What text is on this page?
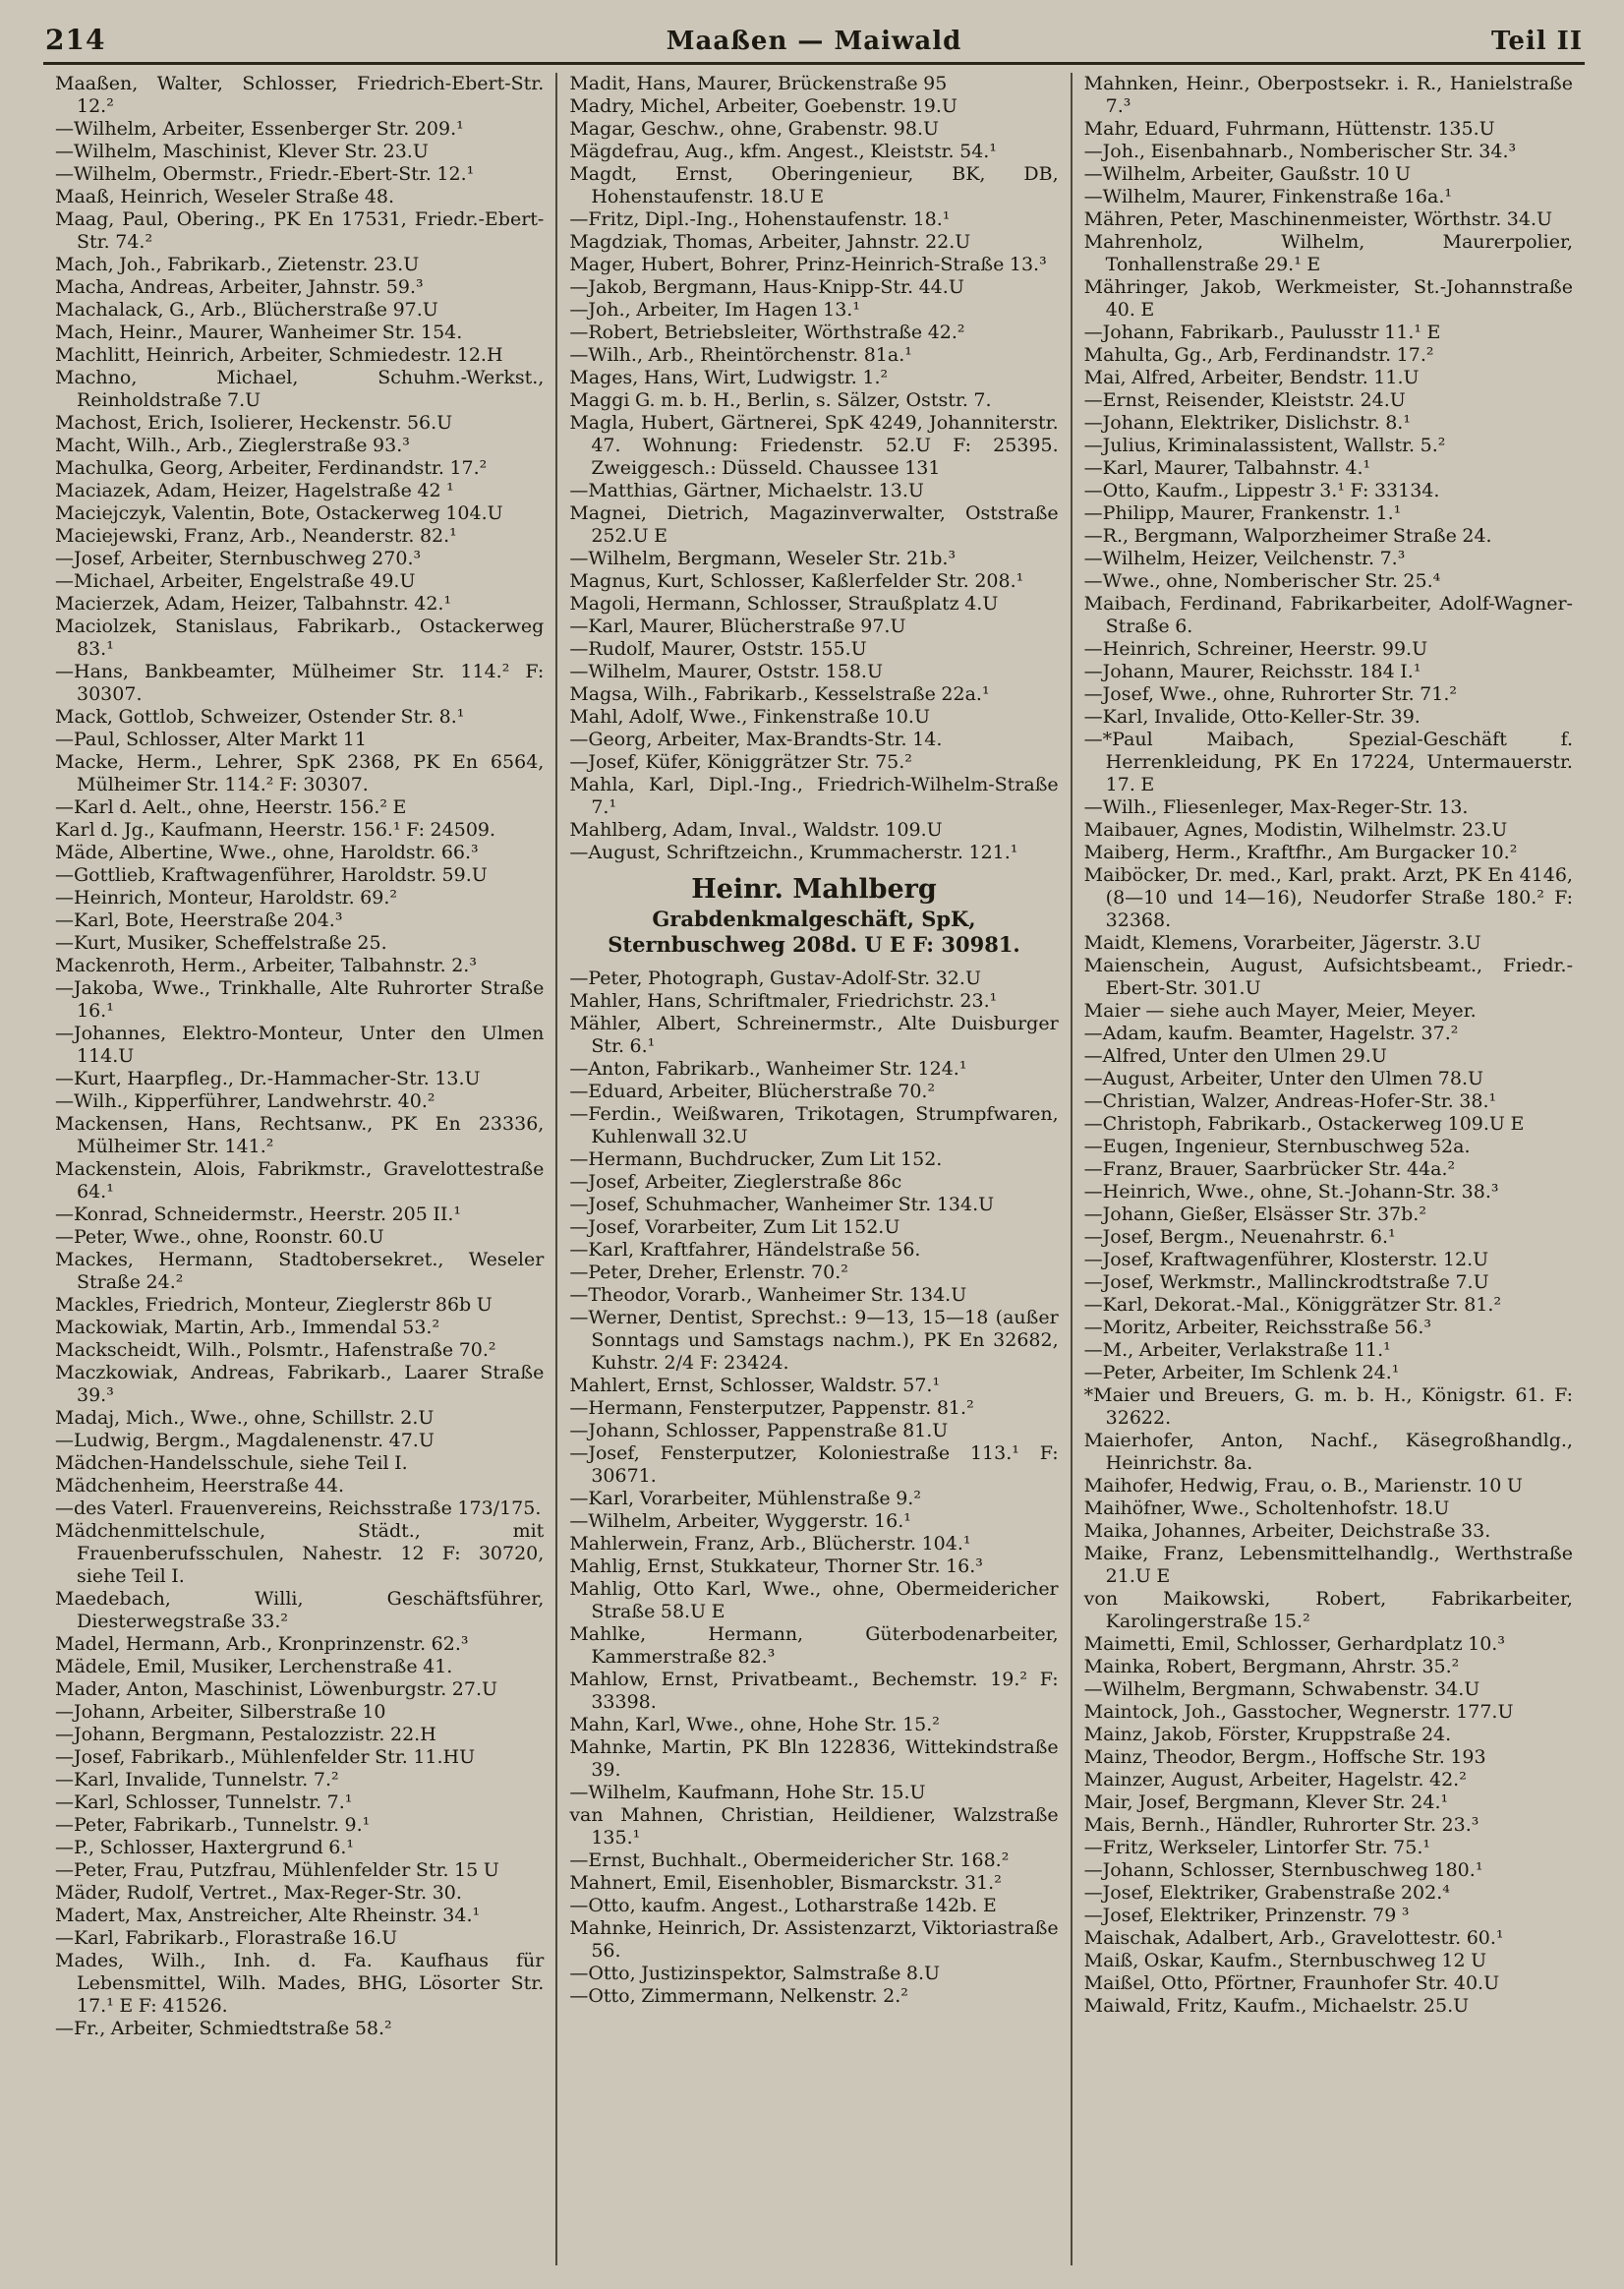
214	Maaßen — Maiwald	Teil II

Maaßen, Walter, Schlosser, Friedrich-Ebert-Str. 12.²

—Wilhelm, Arbeiter, Essenberger Str. 209.¹

—Wilhelm, Maschinist, Klever Str. 23.U

—Wilhelm, Obermstr., Friedr.-Ebert-Str. 12.¹

Maaß, Heinrich, Weseler Straße 48.

Maag, Paul, Obering., PK En 17531, Friedr.-Ebert-Str. 74.²

Mach, Joh., Fabrikarb., Zietenstr. 23.U

Macha, Andreas, Arbeiter, Jahnstr. 59.³

Machalack, G., Arb., Blücherstraße 97.U

Mach, Heinr., Maurer, Wanheimer Str. 154.

Machlitt, Heinrich, Arbeiter, Schmiedestr. 12.H

Machno, Michael, Schuhm.-Werkst., Reinholdstraße 7.U

Machost, Erich, Isolierer, Heckenstr. 56.U

Macht, Wilh., Arb., Zieglerstraße 93.³

Machulka, Georg, Arbeiter, Ferdinandstr. 17.²

Maciazek, Adam, Heizer, Hagelstraße 42 ¹

Maciejczyk, Valentin, Bote, Ostackerweg 104.U

Maciejewski, Franz, Arb., Neanderstr. 82.¹

—Josef, Arbeiter, Sternbuschweg 270.³

—Michael, Arbeiter, Engelstraße 49.U

Macierzek, Adam, Heizer, Talbahnstr. 42.¹

Maciolzek, Stanislaus, Fabrikarb., Ostackerweg 83.¹

—Hans, Bankbeamter, Mülheimer Str. 114.² F: 30307.

Mack, Gottlob, Schweizer, Ostender Str. 8.¹

—Paul, Schlosser, Alter Markt 11

Macke, Herm., Lehrer, SpK 2368, PK En 6564, Mülheimer Str. 114.² F: 30307.

—Karl d. Aelt., ohne, Heerstr. 156.² E

Karl d. Jg., Kaufmann, Heerstr. 156.¹ F: 24509.

Mäde, Albertine, Wwe., ohne, Haroldstr. 66.³

—Gottlieb, Kraftwagenführer, Haroldstr. 59.U

—Heinrich, Monteur, Haroldstr. 69.²

—Karl, Bote, Heerstraße 204.³

—Kurt, Musiker, Scheffelstraße 25.

Mackenroth, Herm., Arbeiter, Talbahnstr. 2.³

—Jakoba, Wwe., Trinkhalle, Alte Ruhrorter Straße 16.¹

—Johannes, Elektro-Monteur, Unter den Ulmen 114.U

—Kurt, Haarpfleg., Dr.-Hammacher-Str. 13.U

—Wilh., Kipperführer, Landwehrstr. 40.²

Mackensen, Hans, Rechtsanw., PK En 23336, Mülheimer Str. 141.²

Mackenstein, Alois, Fabrikmstr., Gravelottestraße 64.¹

—Konrad, Schneidermstr., Heerstr. 205 II.¹

—Peter, Wwe., ohne, Roonstr. 60.U

Mackes, Hermann, Stadtobersekret., Weseler Straße 24.²

Mackles, Friedrich, Monteur, Zieglerstr 86b U

Mackowiak, Martin, Arb., Immendal 53.²

Mackscheidt, Wilh., Polsmtr., Hafenstraße 70.²

Maczkowiak, Andreas, Fabrikarb., Laarer Straße 39.³

Madaj, Mich., Wwe., ohne, Schillstr. 2.U

—Ludwig, Bergm., Magdalenenstr. 47.U

Mädchen-Handelsschule, siehe Teil I.

Mädchenheim, Heerstraße 44.

—des Vaterl. Frauenvereins, Reichsstraße 173/175.

Mädchenmittelschule, Städt., mit Frauenberufsschulen, Nahestr. 12 F: 30720, siehe Teil I.

Maedebach, Willi, Geschäftsführer, Diesterwegstraße 33.²

Madel, Hermann, Arb., Kronprinzenstr. 62.³

Mädele, Emil, Musiker, Lerchenstraße 41.

Mader, Anton, Maschinist, Löwenburgstr. 27.U

—Johann, Arbeiter, Silberstraße 10

—Johann, Bergmann, Pestalozzistr. 22.H

—Josef, Fabrikarb., Mühlenfelder Str. 11.HU

—Karl, Invalide, Tunnelstr. 7.²

—Karl, Schlosser, Tunnelstr. 7.¹

—Peter, Fabrikarb., Tunnelstr. 9.¹

—P., Schlosser, Haxtergrund 6.¹

—Peter, Frau, Putzfrau, Mühlenfelder Str. 15 U

Mäder, Rudolf, Vertret., Max-Reger-Str. 30.

Madert, Max, Anstreicher, Alte Rheinstr. 34.¹

—Karl, Fabrikarb., Florastraße 16.U

Mades, Wilh., Inh. d. Fa. Kaufhaus für Lebensmittel, Wilh. Mades, BHG, Lösorter Str. 17.¹ E F: 41526.

—Fr., Arbeiter, Schmiedtstraße 58.²

Madit, Hans, Maurer, Brückenstraße 95

Madry, Michel, Arbeiter, Goebenstr. 19.U

Magar, Geschw., ohne, Grabenstr. 98.U

Mägdefrau, Aug., kfm. Angest., Kleiststr. 54.¹

Magdt, Ernst, Oberingenieur, BK, DB, Hohenstaufenstr. 18.U E

—Fritz, Dipl.-Ing., Hohenstaufenstr. 18.¹

Magdziak, Thomas, Arbeiter, Jahnstr. 22.U

Mager, Hubert, Bohrer, Prinz-Heinrich-Straße 13.³

—Jakob, Bergmann, Haus-Knipp-Str. 44.U

—Joh., Arbeiter, Im Hagen 13.¹

—Robert, Betriebsleiter, Wörthstraße 42.²

—Wilh., Arb., Rheintörchenstr. 81a.¹

Mages, Hans, Wirt, Ludwigstr. 1.²

Maggi G. m. b. H., Berlin, s. Sälzer, Oststr. 7.

Magla, Hubert, Gärtnerei, SpK 4249, Johanniterstr. 47. Wohnung: Friedenstr. 52.U F: 25395. Zweiggesch.: Düsseld. Chaussee 131

—Matthias, Gärtner, Michaelstr. 13.U

Magnei, Dietrich, Magazinverwalter, Oststraße 252.U E

—Wilhelm, Bergmann, Weseler Str. 21b.³

Magnus, Kurt, Schlosser, Kaßlerfelder Str. 208.¹

Magoli, Hermann, Schlosser, Straußplatz 4.U

—Karl, Maurer, Blücherstraße 97.U

—Rudolf, Maurer, Oststr. 155.U

—Wilhelm, Maurer, Oststr. 158.U

Magsa, Wilh., Fabrikarb., Kesselstraße 22a.¹

Mahl, Adolf, Wwe., Finkenstraße 10.U

—Georg, Arbeiter, Max-Brandts-Str. 14.

—Josef, Küfer, Königgrätzer Str. 75.²

Mahla, Karl, Dipl.-Ing., Friedrich-Wilhelm-Straße 7.¹

Mahlberg, Adam, Inval., Waldstr. 109.U

—August, Schriftzeichn., Krummacherstr. 121.¹

Heinr. Mahlberg

Grabdenkmalgeschäft, SpK, Sternbuschweg 208d. U E F: 30981.

—Peter, Photograph, Gustav-Adolf-Str. 32.U

Mahler, Hans, Schriftmaler, Friedrichstr. 23.¹

Mähler, Albert, Schreinermstr., Alte Duisburger Str. 6.¹

—Anton, Fabrikarb., Wanheimer Str. 124.¹

—Eduard, Arbeiter, Blücherstraße 70.²

—Ferdin., Weißwaren, Trikotagen, Strumpfwaren, Kuhlenwall 32.U

—Hermann, Buchdrucker, Zum Lit 152.

—Josef, Arbeiter, Zieglerstraße 86c

—Josef, Schuhmacher, Wanheimer Str. 134.U

—Josef, Vorarbeiter, Zum Lit 152.U

—Karl, Kraftfahrer, Händelstraße 56.

—Peter, Dreher, Erlenstr. 70.²

—Theodor, Vorarb., Wanheimer Str. 134.U

—Werner, Dentist, Sprechst.: 9—13, 15—18 (außer Sonntags und Samstags nachm.), PK En 32682, Kuhstr. 2/4 F: 23424.

Mahlert, Ernst, Schlosser, Waldstr. 57.¹

—Hermann, Fensterputzer, Pappenstr. 81.²

—Johann, Schlosser, Pappenstraße 81.U

—Josef, Fensterputzer, Koloniestraße 113.¹ F: 30671.

—Karl, Vorarbeiter, Mühlenstraße 9.²

—Wilhelm, Arbeiter, Wyggerstr. 16.¹

Mahlerwein, Franz, Arb., Blücherstr. 104.¹

Mahlig, Ernst, Stukkateur, Thorner Str. 16.³

Mahlig, Otto Karl, Wwe., ohne, Obermeidericher Straße 58.U E

Mahlke, Hermann, Güterbodenarbeiter, Kammerstraße 82.³

Mahlow, Ernst, Privatbeamt., Bechemstr. 19.² F: 33398.

Mahn, Karl, Wwe., ohne, Hohe Str. 15.²

Mahnke, Martin, PK Bln 122836, Wittekindstraße 39.

—Wilhelm, Kaufmann, Hohe Str. 15.U

van Mahnen, Christian, Heildiener, Walzstraße 135.¹

—Ernst, Buchhalt., Obermeidericher Str. 168.²

Mahnert, Emil, Eisenhobler, Bismarckstr. 31.²

—Otto, kaufm. Angest., Lotharstraße 142b. E

Mahnke, Heinrich, Dr. Assistenzarzt, Viktoriastraße 56.

—Otto, Justizinspektor, Salmstraße 8.U

—Otto, Zimmermann, Nelkenstr. 2.²

Mahnken, Heinr., Oberpostsekr. i. R., Hanielstraße 7.³

Mahr, Eduard, Fuhrmann, Hüttenstr. 135.U

—Joh., Eisenbahnarb., Nomberischer Str. 34.³

—Wilhelm, Arbeiter, Gaußstr. 10 U

—Wilhelm, Maurer, Finkenstraße 16a.¹

Mähren, Peter, Maschinenmeister, Wörthstr. 34.U

Mahrenholz, Wilhelm, Maurerpolier, Tonhallenstraße 29.¹ E

Mähringer, Jakob, Werkmeister, St.-Johannstraße 40. E

—Johann, Fabrikarb., Paulusstr 11.¹ E

Mahulta, Gg., Arb, Ferdinandstr. 17.²

Mai, Alfred, Arbeiter, Bendstr. 11.U

—Ernst, Reisender, Kleiststr. 24.U

—Johann, Elektriker, Dislichstr. 8.¹

—Julius, Kriminalassistent, Wallstr. 5.²

—Karl, Maurer, Talbahnstr. 4.¹

—Otto, Kaufm., Lippestr 3.¹ F: 33134.

—Philipp, Maurer, Frankenstr. 1.¹

—R., Bergmann, Walporzheimer Straße 24.

—Wilhelm, Heizer, Veilchenstr. 7.³

—Wwe., ohne, Nomberischer Str. 25.⁴

Maibach, Ferdinand, Fabrikarbeiter, Adolf-Wagner-Straße 6.

—Heinrich, Schreiner, Heerstr. 99.U

—Johann, Maurer, Reichsstr. 184 I.¹

—Josef, Wwe., ohne, Ruhrorter Str. 71.²

—Karl, Invalide, Otto-Keller-Str. 39.

—*Paul Maibach, Spezial-Geschäft f. Herrenkleidung, PK En 17224, Untermauerstr. 17. E

—Wilh., Fliesenleger, Max-Reger-Str. 13.

Maibauer, Agnes, Modistin, Wilhelmstr. 23.U

Maiberg, Herm., Kraftfhr., Am Burgacker 10.²

Maiböcker, Dr. med., Karl, prakt. Arzt, PK En 4146, (8—10 und 14—16), Neudorfer Straße 180.² F: 32368.

Maidt, Klemens, Vorarbeiter, Jägerstr. 3.U

Maienschein, August, Aufsichtsbeamt., Friedr.-Ebert-Str. 301.U

Maier — siehe auch Mayer, Meier, Meyer.

—Adam, kaufm. Beamter, Hagelstr. 37.²

—Alfred, Unter den Ulmen 29.U

—August, Arbeiter, Unter den Ulmen 78.U

—Christian, Walzer, Andreas-Hofer-Str. 38.¹

—Christoph, Fabrikarb., Ostackerweg 109.U E

—Eugen, Ingenieur, Sternbuschweg 52a.

—Franz, Brauer, Saarbrücker Str. 44a.²

—Heinrich, Wwe., ohne, St.-Johann-Str. 38.³

—Johann, Gießer, Elsässer Str. 37b.²

—Josef, Bergm., Neuenahrstr. 6.¹

—Josef, Kraftwagenführer, Klosterstr. 12.U

—Josef, Werkmstr., Mallinckrodtstraße 7.U

—Karl, Dekorat.-Mal., Königgrätzer Str. 81.²

—Moritz, Arbeiter, Reichsstraße 56.³

—M., Arbeiter, Verlakstraße 11.¹

—Peter, Arbeiter, Im Schlenk 24.¹

*Maier und Breuers, G. m. b. H., Königstr. 61. F: 32622.

Maierhofer, Anton, Nachf., Käsegroßhandlg., Heinrichstr. 8a.

Maihofer, Hedwig, Frau, o. B., Marienstr. 10 U

Maihöfner, Wwe., Scholtenhofstr. 18.U

Maika, Johannes, Arbeiter, Deichstraße 33.

Maike, Franz, Lebensmittelhandlg., Werthstraße 21.U E

von Maikowski, Robert, Fabrikarbeiter, Karolingerstraße 15.²

Maimetti, Emil, Schlosser, Gerhardplatz 10.³

Mainka, Robert, Bergmann, Ahrstr. 35.²

—Wilhelm, Bergmann, Schwabenstr. 34.U

Maintock, Joh., Gasstocher, Wegnerstr. 177.U

Mainz, Jakob, Förster, Kruppstraße 24.

Mainz, Theodor, Bergm., Hoffsche Str. 193

Mainzer, August, Arbeiter, Hagelstr. 42.²

Mair, Josef, Bergmann, Klever Str. 24.¹

Mais, Bernh., Händler, Ruhrorter Str. 23.³

—Fritz, Werkseler, Lintorfer Str. 75.¹

—Johann, Schlosser, Sternbuschweg 180.¹

—Josef, Elektriker, Grabenstraße 202.⁴

—Josef, Elektriker, Prinzenstr. 79 ³

Maischak, Adalbert, Arb., Gravelottestr. 60.¹

Maiß, Oskar, Kaufm., Sternbuschweg 12 U

Maißel, Otto, Pförtner, Fraunhofer Str. 40.U

Maiwald, Fritz, Kaufm., Michaelstr. 25.U
